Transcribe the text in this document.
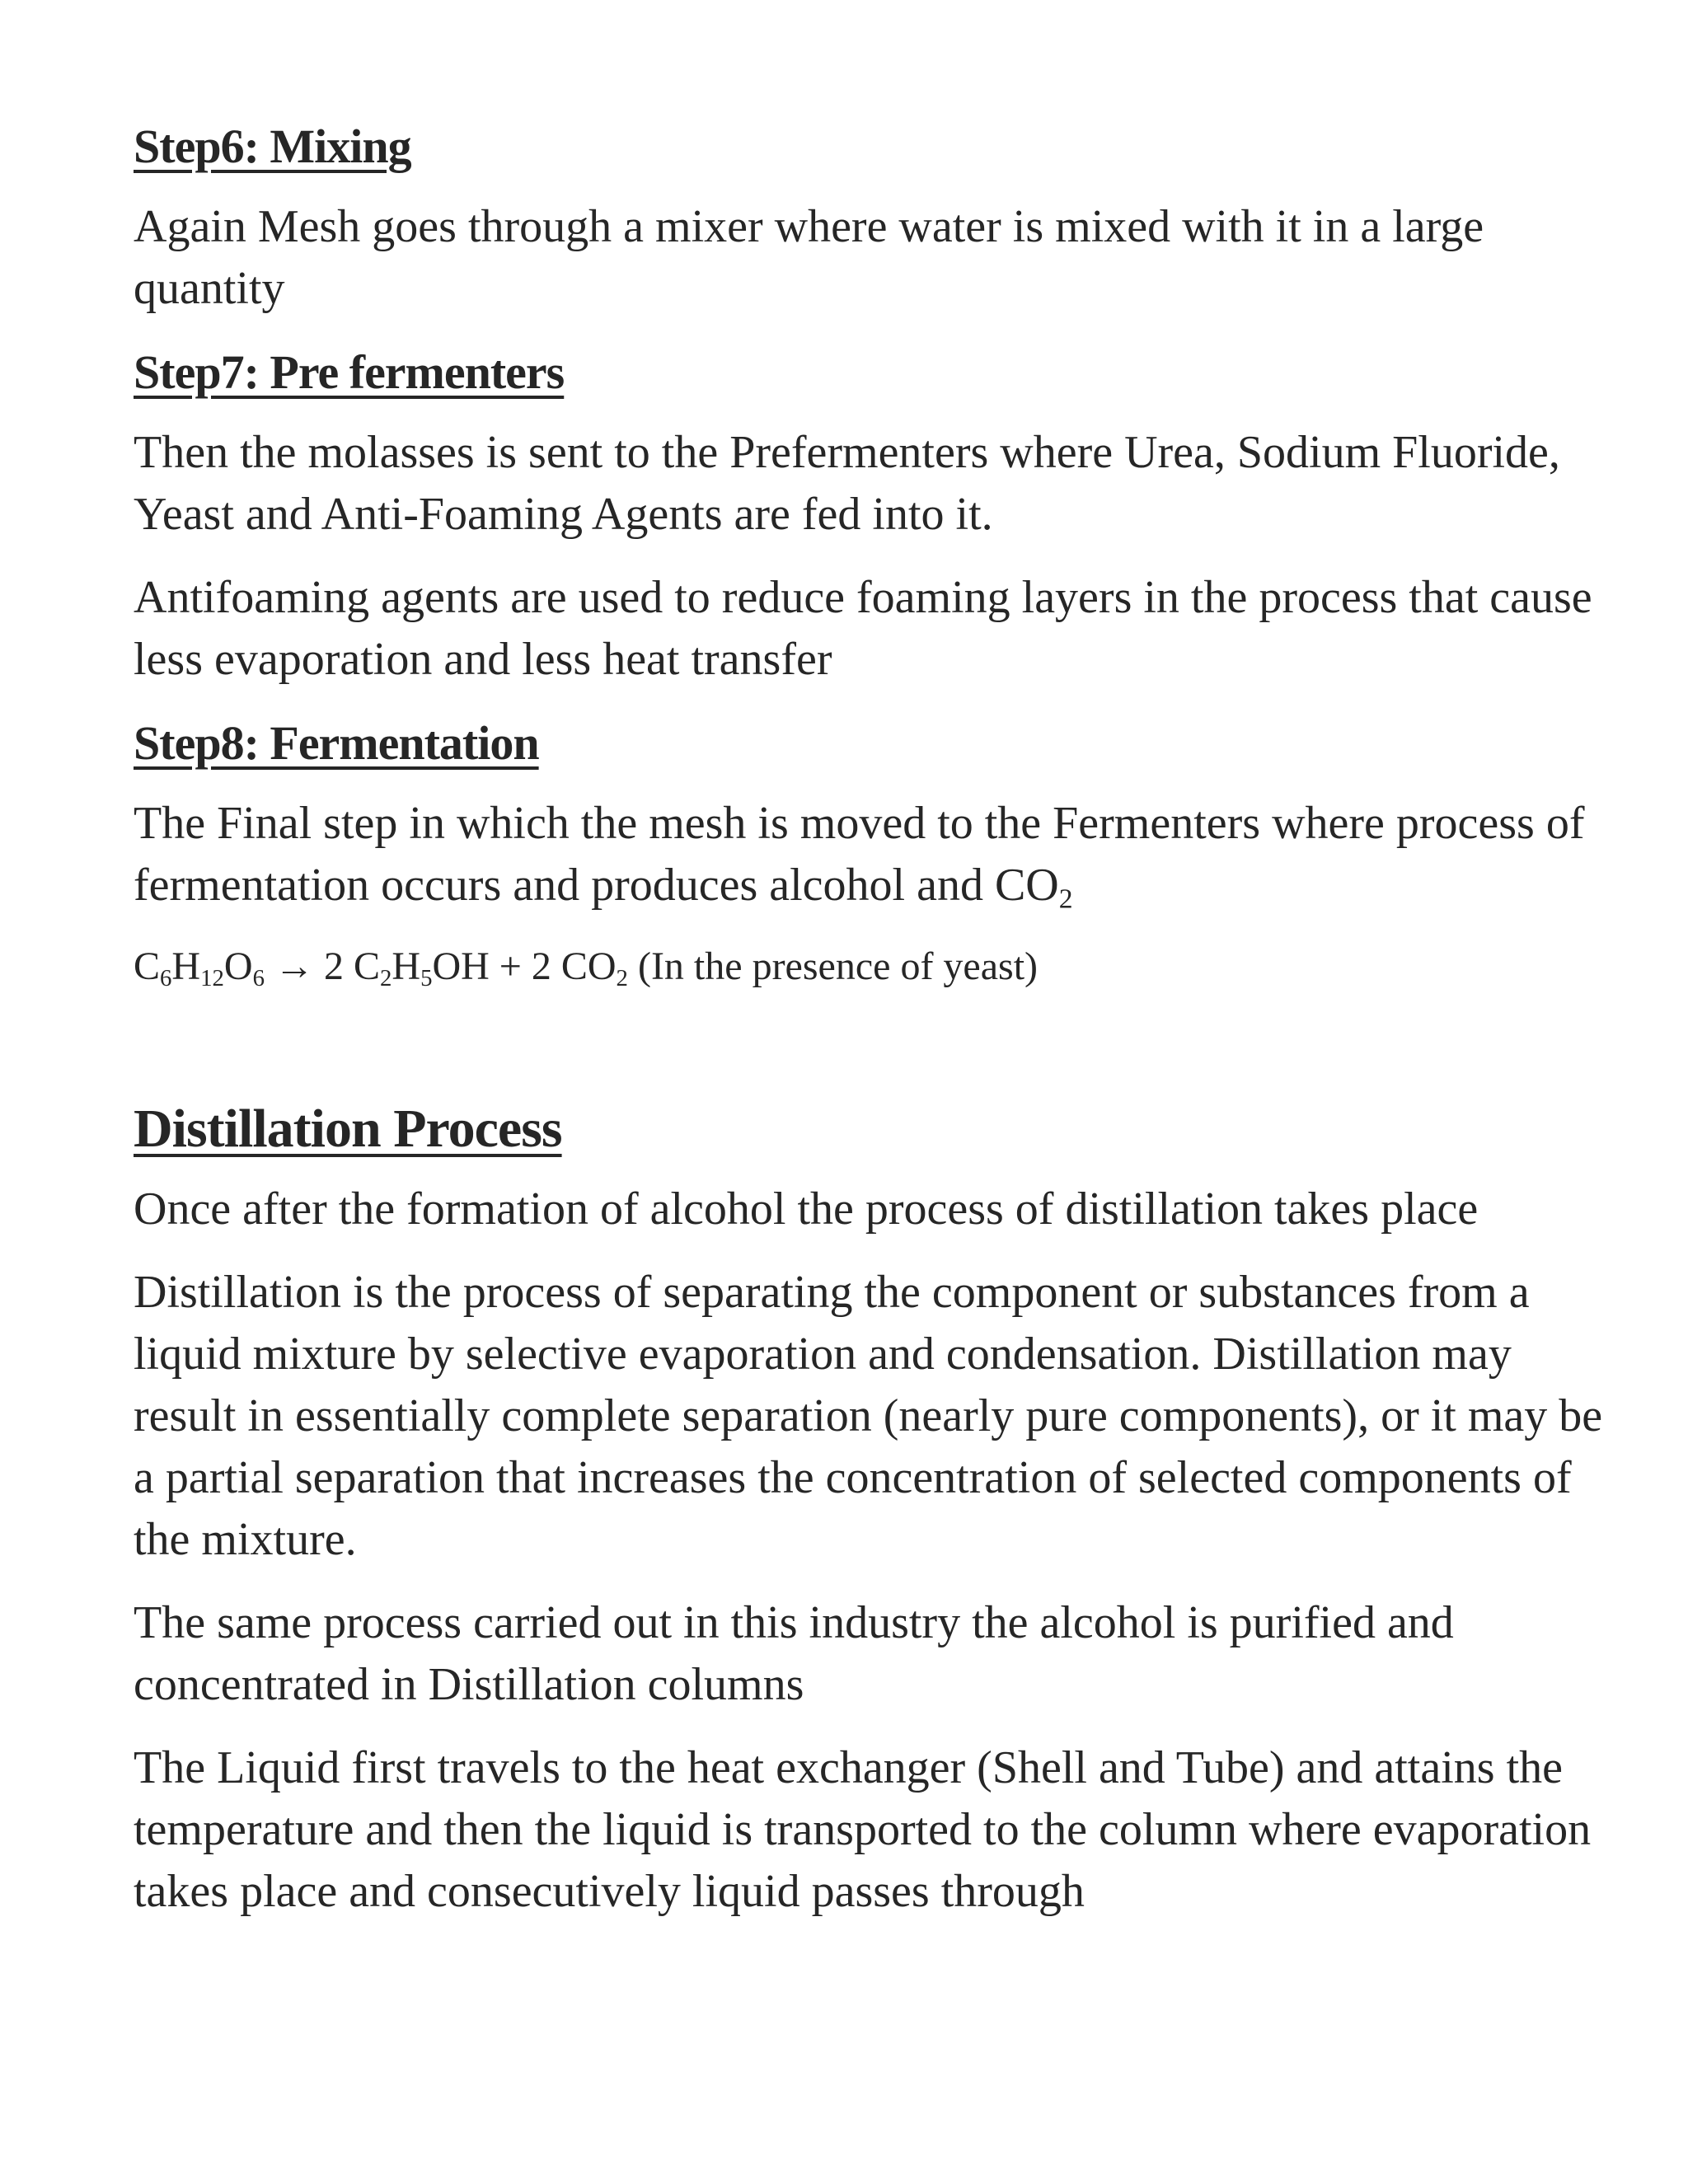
Step6: Mixing

Again Mesh goes through a mixer where water is mixed with it in a large quantity

Step7: Pre fermenters

Then the molasses is sent to the Prefermenters where Urea, Sodium Fluoride, Yeast and Anti-Foaming Agents are fed into it.

Antifoaming agents are used to reduce foaming layers in the process that cause less evaporation and less heat transfer

Step8: Fermentation

The Final step in which the mesh is moved to the Fermenters where process of fermentation occurs and produces alcohol and $CO_2$

$C_6H_{12}O_6 \to 2$ $C_2H_5OH + 2$ $CO_2$ (In the presence of yeast)

Distillation Process

Once after the formation of alcohol the process of distillation takes place

Distillation is the process of separating the component or substances from a liquid mixture by selective evaporation and condensation. Distillation may result in essentially complete separation (nearly pure components), or it may be a partial separation that increases the concentration of selected components of the mixture.

The same process carried out in this industry the alcohol is purified and concentrated in Distillation columns

The Liquid first travels to the heat exchanger (Shell and Tube) and attains the temperature and then the liquid is transported to the column where evaporation takes place and consecutively liquid passes through
